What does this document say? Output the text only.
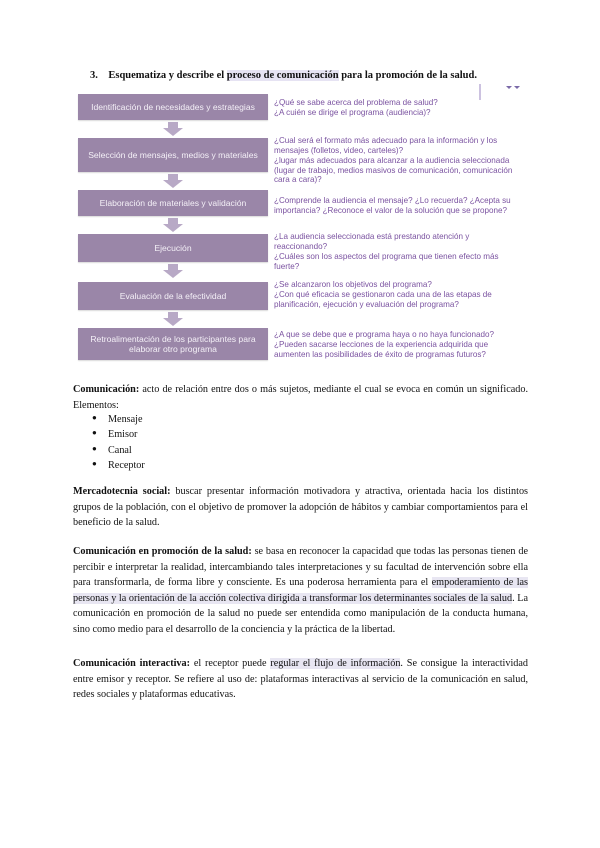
3. Esquematiza y describe el proceso de comunicación para la promoción de la salud.
Identificación de necesidades y estrategias ¿Qué se sabe acerca del problema de salud?
¿A cuién se dirige el programa (audiencia)?
Selección de mensajes, medios y materiales
¿Cual será el formato más adecuado para la información y los mensajes (folletos, video, carteles)?
¿lugar más adecuados para alcanzar a la audiencia seleccionada (lugar de trabajo, medios masivos de comunicación, comunicación cara a cara)?
Elaboración de materiales y validación	¿Comprende la audiencia el mensaje? ¿Lo recuerda? ¿Acepta su importancia? ¿Reconoce el valor de la solución que se propone?
Ejecución
¿La audiencia seleccionada está prestando atención y reaccionando?
¿Cuáles son los aspectos del programa que tienen efecto más fuerte?
Evaluación de la efectividad
¿Se alcanzaron los objetivos del programa?
¿Con qué eficacia se gestionaron cada una de las etapas de planificación, ejecución y evaluación del programa?
Retroalimentación de los participantes para elaborar otro programa
¿A que se debe que e programa haya o no haya funcionado?
¿Pueden sacarse lecciones de la experiencia adquirida que aumenten las posibilidades de éxito de programas futuros?
Comunicación: acto de relación entre dos o más sujetos, mediante el cual se evoca en común un significado. Elementos:
● Mensaje
● Emisor
● Canal
● Receptor
Mercadotecnia social: buscar presentar información motivadora y atractiva, orientada hacia los distintos grupos de la población, con el objetivo de promover la adopción de hábitos y cambiar comportamientos para el beneficio de la salud.
Comunicación en promoción de la salud: se basa en reconocer la capacidad que todas las personas tienen de percibir e interpretar la realidad, intercambiando tales interpretaciones y su facultad de intervención sobre ella para transformarla, de forma libre y consciente. Es una poderosa herramienta para el empoderamiento de las personas y la orientación de la acción colectiva dirigida a transformar los determinantes sociales de la salud. La comunicación en promoción de la salud no puede ser entendida como manipulación de la conducta humana, sino como medio para el desarrollo de la conciencia y la práctica de la libertad.
Comunicación interactiva: el receptor puede regular el flujo de información. Se consigue la interactividad entre emisor y receptor. Se refiere al uso de: plataformas interactivas al servicio de la comunicación en salud, redes sociales y plataformas educativas.
